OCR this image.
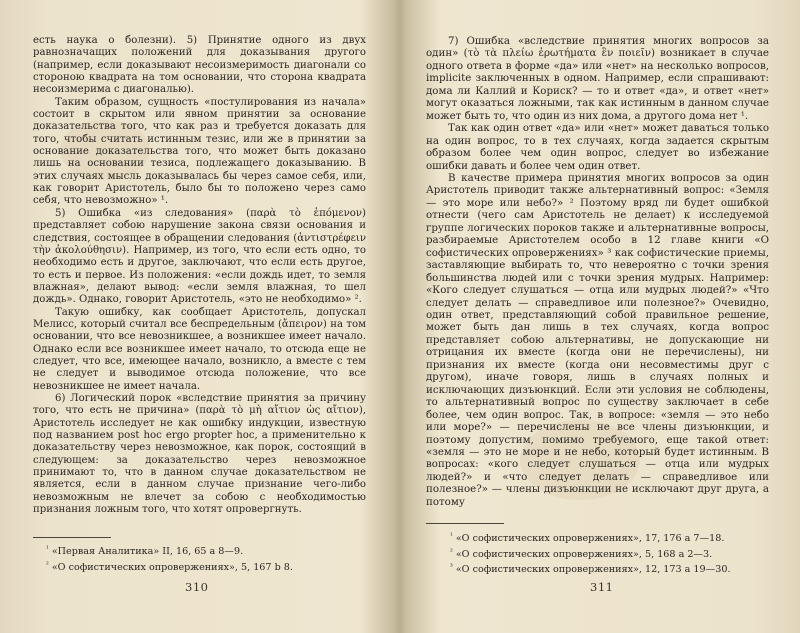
есть наука о болезни). 5) Принятие одного из двух равнозначащих положений для доказывания другого (например, если доказывают несоизмеримость диагонали со стороною квадрата на том основании, что сторона квадрата несоизмерима с диагональю).

Таким образом, сущность «постулирования из начала» состоит в скрытом или явном принятии за основание доказательства того, что как раз и требуется доказать для того, чтобы считать истинным тезис, или же в принятии за основание доказательства того, что может быть доказано лишь на основании тезиса, подлежащего доказыванию. В этих случаях мысль доказывалась бы через самое себя, или, как говорит Аристотель, было бы то положено через само себя, что невозможно» ¹.

5) Ошибка «из следования» (παρὰ τὸ ἑπόμενον) представляет собою нарушение закона связи основания и следствия, состоящее в обращении следования (ἀντιστρέφειν τὴν ἀκολούθησιν). Например, из того, что если есть одно, то необходимо есть и другое, заключают, что если есть другое, то есть и первое. Из положения: «если дождь идет, то земля влажная», делают вывод: «если земля влажная, то шел дождь». Однако, говорит Аристотель, «это не необходимо» ².

Такую ошибку, как сообщает Аристотель, допускал Мелисс, который считал все беспредельным (ἄπειρον) на том основании, что все невозникшее, а возникшее имеет начало. Однако если все возникшее имеет начало, то отсюда еще не следует, что все, имеющее начало, возникло, а вместе с тем не следует и выводимое отсюда положение, что все невозникшее не имеет начала.

6) Логический порок «вследствие принятия за причину того, что есть не причина» (παρὰ τὸ μὴ αἴτιον ὡς αἴτιον), Аристотель исследует не как ошибку индукции, известную под названием post hoc ergo propter hoc, а применительно к доказательству через невозможное, как порок, состоящий в следующем: за доказательство через невозможное принимают то, что в данном случае доказательством не является, если в данном случае признание чего-либо невозможным не влечет за собою с необходимостью признания ложным того, что хотят опровергнуть.

$^{^1}$ «Первая Аналитика» II, 16, 65 a 8—9.
$^{^2}$ «О софистических опровержениях», 5, 167 b 8.
310

7) Ошибка «вследствие принятия многих вопросов за один» (τὸ τὰ πλείω ἐρωτήματα ἓν ποιεῖν) возникает в случае одного ответа в форме «да» или «нет» на несколько вопросов, implicite заключенных в одном. Например, если спрашивают: дома ли Каллий и Кориск? — то и ответ «да», и ответ «нет» могут оказаться ложными, так как истинным в данном случае может быть то, что один из них дома, а другого дома нет ¹.

Так как один ответ «да» или «нет» может даваться только на один вопрос, то в тех случаях, когда задается скрытым образом более чем один вопрос, следует во избежание ошибки давать и более чем один ответ.

В качестве примера принятия многих вопросов за один Аристотель приводит также альтернативный вопрос: «Земля — это море или небо?» ² Поэтому вряд ли будет ошибкой отнести (чего сам Аристотель не делает) к исследуемой группе логических пороков также и альтернативные вопросы, разбираемые Аристотелем особо в 12 главе книги «О софистических опровержениях» ³ как софистические приемы, заставляющие выбирать то, что невероятно с точки зрения большинства людей или с точки зрения мудрых. Например: «Кого следует слушаться — отца или мудрых людей?» «Что следует делать — справедливое или полезное?» Очевидно, один ответ, представляющий собой правильное решение, может быть дан лишь в тех случаях, когда вопрос представляет собою альтернативы, не допускающие ни отрицания их вместе (когда они не перечислены), ни признания их вместе (когда они несовместимы друг с другом), иначе говоря, лишь в случаях полных и исключающих дизъюнкций. Если эти условия не соблюдены, то альтернативный вопрос по существу заключает в себе более, чем один вопрос. Так, в вопросе: «земля — это небо или море?» — перечислены не все члены дизъюнкции, и поэтому допустим, помимо требуемого, еще такой ответ: «земля — это не море и не небо, который будет истинным. В вопросах: «кого следует слушаться — отца или мудрых людей?» и «что следует делать — справедливое или полезное?» — члены дизъюнкции не исключают друг друга, а потому

$^{^1}$ «О софистических опровержениях», 17, 176 a 7—18.
$^{^2}$ «О софистических опровержениях», 5, 168 a 2—3.
$^{^3}$ «О софистических опровержениях», 12, 173 a 19—30.
311
